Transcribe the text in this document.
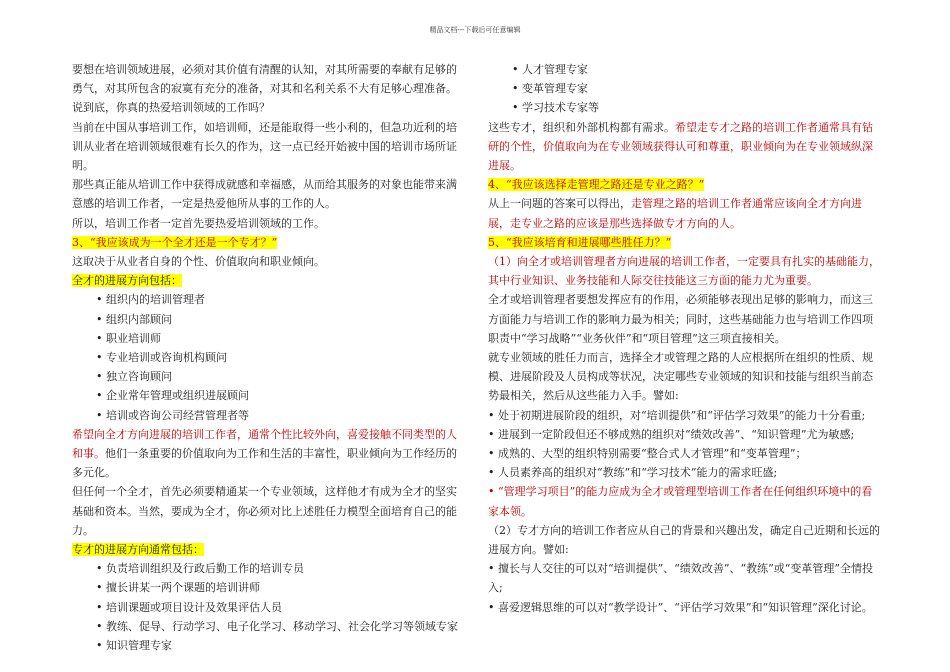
精品文档---下载后可任意编辑

要想在培训领域进展，必须对其价值有清醒的认知，对其所需要的奉献有足够的勇气，对其所包含的寂寞有充分的准备，对其和名利关系不大有足够心理准备。说到底，你真的热爱培训领域的工作吗？

当前在中国从事培训工作，如培训师，还是能取得一些小利的，但急功近利的培训从业者在培训领域很难有长久的作为，这一点已经开始被中国的培训市场所证明。

那些真正能从培训工作中获得成就感和幸福感，从而给其服务的对象也能带来满意感的培训工作者，一定是热爱他所从事的工作的人。

所以，培训工作者一定首先要热爱培训领域的工作。

3、“我应该成为一个全才还是一个专才？”

这取决于从业者自身的个性、价值取向和职业倾向。

全才的进展方向包括：

• 组织内的培训管理者

• 组织内部顾问

• 职业培训师

• 专业培训或咨询机构顾问

• 独立咨询顾问

• 企业常年管理或组织进展顾问

• 培训或咨询公司经营管理者等

希望向全才方向进展的培训工作者，通常个性比较外向，喜爱接触不同类型的人和事。他们一条重要的价值取向为工作和生活的丰富性，职业倾向为工作经历的多元化。

但任何一个全才，首先必须要精通某一个专业领域，这样他才有成为全才的坚实基础和资本。当然，要成为全才，你必须对比上述胜任力模型全面培育自己的能力。

专才的进展方向通常包括：

• 负责培训组织及行政后勤工作的培训专员

• 擅长讲某一两个课题的培训讲师

• 培训课题或项目设计及效果评估人员

• 教练、促导、行动学习、电子化学习、移动学习、社会化学习等领域专家

• 知识管理专家

• 人才管理专家

• 变革管理专家

• 学习技术专家等

这些专才，组织和外部机构都有需求。希望走专才之路的培训工作者通常具有钻研的个性，价值取向为在专业领域获得认可和尊重，职业倾向为在专业领域纵深进展。

4、“我应该选择走管理之路还是专业之路？”

从上一问题的答案可以得出，走管理之路的培训工作者通常应该向全才方向进展，走专业之路的应该是那些选择做专才方向的人。

5、“我应该培育和进展哪些胜任力？”

（1）向全才或培训管理者方向进展的培训工作者，一定要具有扎实的基础能力，其中行业知识、业务技能和人际交往技能这三方面的能力尤为重要。

全才或培训管理者要想发挥应有的作用，必须能够表现出足够的影响力，而这三方面能力与培训工作的影响力最为相关；同时，这些基础能力也与培训工作四项职责中“学习战略”“业务伙伴”和“项目管理”这三项直接相关。

就专业领域的胜任力而言，选择全才或管理之路的人应根据所在组织的性质、规模、进展阶段及人员构成等状况，决定哪些专业领域的知识和技能与组织当前态势最相关，然后从这些能力入手。譬如:

• 处于初期进展阶段的组织，对“培训提供”和“评估学习效果”的能力十分看重;

• 进展到一定阶段但还不够成熟的组织对“绩效改善”、“知识管理”尤为敏感;

• 成熟的、大型的组织特别需要“整合式人才管理”和“变革管理”；

• 人员素养高的组织对“教练”和“学习技术”能力的需求旺盛;

• “管理学习项目”的能力应成为全才或管理型培训工作者在任何组织环境中的看家本领。

（2）专才方向的培训工作者应从自己的背景和兴趣出发，确定自己近期和长远的进展方向。譬如:

• 擅长与人交往的可以对“培训提供”、“绩效改善”、“教练”或“变革管理”全情投入;

• 喜爱逻辑思维的可以对“教学设计”、“评估学习效果”和“知识管理”深化讨论。
